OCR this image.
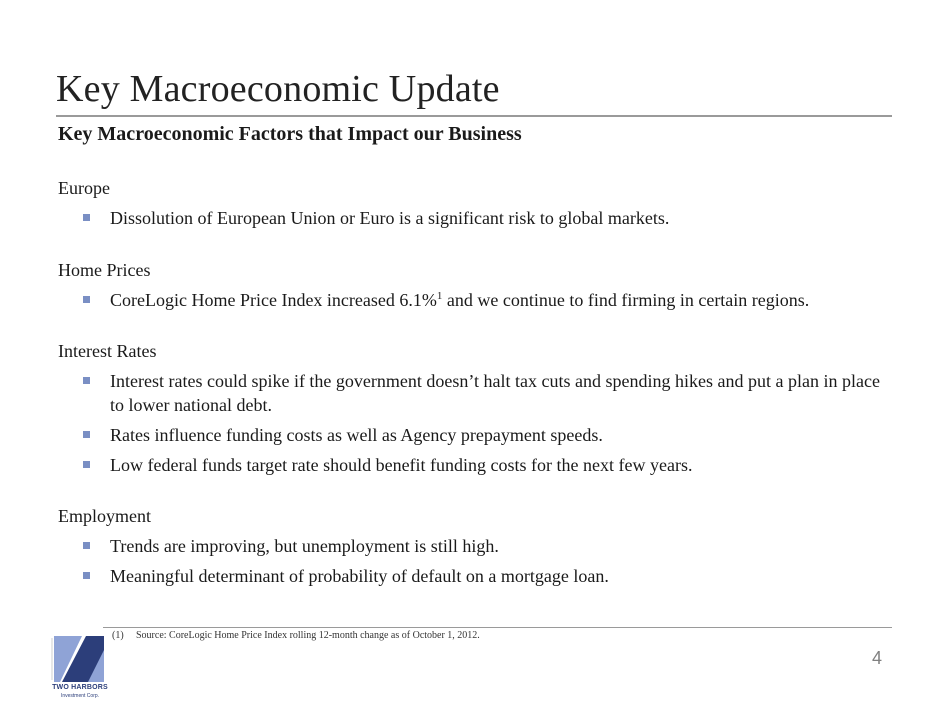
Key Macroeconomic Update
Key Macroeconomic Factors that Impact our Business
Europe
Dissolution of European Union or Euro is a significant risk to global markets.
Home Prices
CoreLogic Home Price Index increased 6.1%$^1$ and we continue to find firming in certain regions.
Interest Rates
Interest rates could spike if the government doesn’t halt tax cuts and spending hikes and put a plan in place to lower national debt.
Rates influence funding costs as well as Agency prepayment speeds.
Low federal funds target rate should benefit funding costs for the next few years.
Employment
Trends are improving, but unemployment is still high.
Meaningful determinant of probability of default on a mortgage loan.
(1) Source: CoreLogic Home Price Index rolling 12-month change as of October 1, 2012.
4
TWO HARBORS
Investment Corp.
